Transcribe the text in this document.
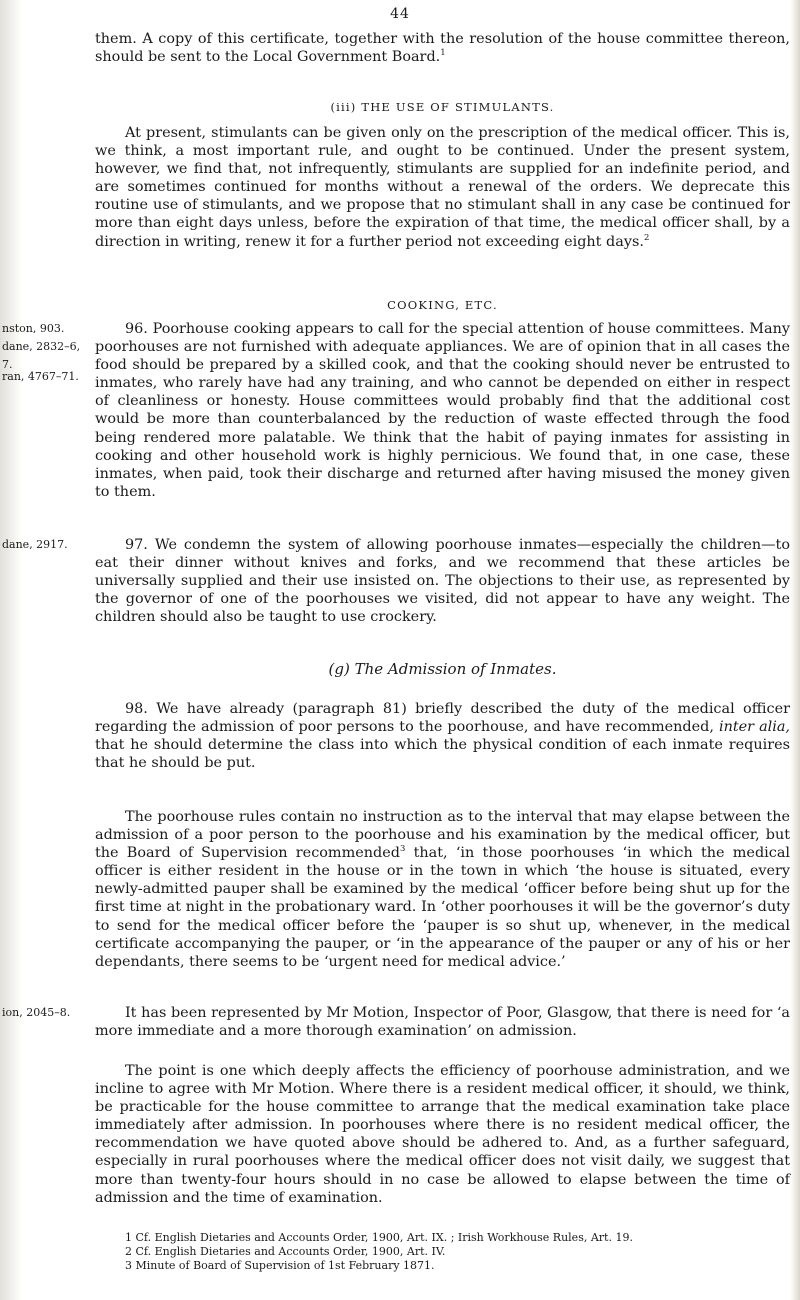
44

them. A copy of this certificate, together with the resolution of the house committee thereon, should be sent to the Local Government Board.$^1$

(iii) THE USE OF STIMULANTS.

At present, stimulants can be given only on the prescription of the medical officer. This is, we think, a most important rule, and ought to be continued. Under the present system, however, we find that, not infrequently, stimulants are supplied for an indefinite period, and are sometimes continued for months without a renewal of the orders. We deprecate this routine use of stimulants, and we propose that no stimulant shall in any case be continued for more than eight days unless, before the expiration of that time, the medical officer shall, by a direction in writing, renew it for a further period not exceeding eight days.$^2$

COOKING, ETC.
nston, 903.
dane, 2832–6,
7.
ran, 4767–71.

96. Poorhouse cooking appears to call for the special attention of house committees. Many poorhouses are not furnished with adequate appliances. We are of opinion that in all cases the food should be prepared by a skilled cook, and that the cooking should never be entrusted to inmates, who rarely have had any training, and who cannot be depended on either in respect of cleanliness or honesty. House committees would probably find that the additional cost would be more than counterbalanced by the reduction of waste effected through the food being rendered more palatable. We think that the habit of paying inmates for assisting in cooking and other household work is highly pernicious. We found that, in one case, these inmates, when paid, took their discharge and returned after having misused the money given to them.

dane, 2917.	97. We condemn the system of allowing poorhouse inmates—especially the children—to eat their dinner without knives and forks, and we recommend that these articles be universally supplied and their use insisted on. The objections to their use, as represented by the governor of one of the poorhouses we visited, did not appear to have any weight. The children should also be taught to use crockery.

(g) The Admission of Inmates.

98. We have already (paragraph 81) briefly described the duty of the medical officer regarding the admission of poor persons to the poorhouse, and have recommended, inter alia, that he should determine the class into which the physical condition of each inmate requires that he should be put.

The poorhouse rules contain no instruction as to the interval that may elapse between the admission of a poor person to the poorhouse and his examination by the medical officer, but the Board of Supervision recommended$^3$ that, ‘in those poorhouses ‘in which the medical officer is either resident in the house or in the town in which ‘the house is situated, every newly-admitted pauper shall be examined by the medical ‘officer before being shut up for the first time at night in the probationary ward. In ‘other poorhouses it will be the governor’s duty to send for the medical officer before the ‘pauper is so shut up, whenever, in the medical certificate accompanying the pauper, or ‘in the appearance of the pauper or any of his or her dependants, there seems to be ‘urgent need for medical advice.’

ion, 2045–8.	It has been represented by Mr Motion, Inspector of Poor, Glasgow, that there is need for ‘a more immediate and a more thorough examination’ on admission.

The point is one which deeply affects the efficiency of poorhouse administration, and we incline to agree with Mr Motion. Where there is a resident medical officer, it should, we think, be practicable for the house committee to arrange that the medical examination take place immediately after admission. In poorhouses where there is no resident medical officer, the recommendation we have quoted above should be adhered to. And, as a further safeguard, especially in rural poorhouses where the medical officer does not visit daily, we suggest that more than twenty-four hours should in no case be allowed to elapse between the time of admission and the time of examination.

1 Cf. English Dietaries and Accounts Order, 1900, Art. IX. ; Irish Workhouse Rules, Art. 19.
2 Cf. English Dietaries and Accounts Order, 1900, Art. IV.
3 Minute of Board of Supervision of 1st February 1871.
